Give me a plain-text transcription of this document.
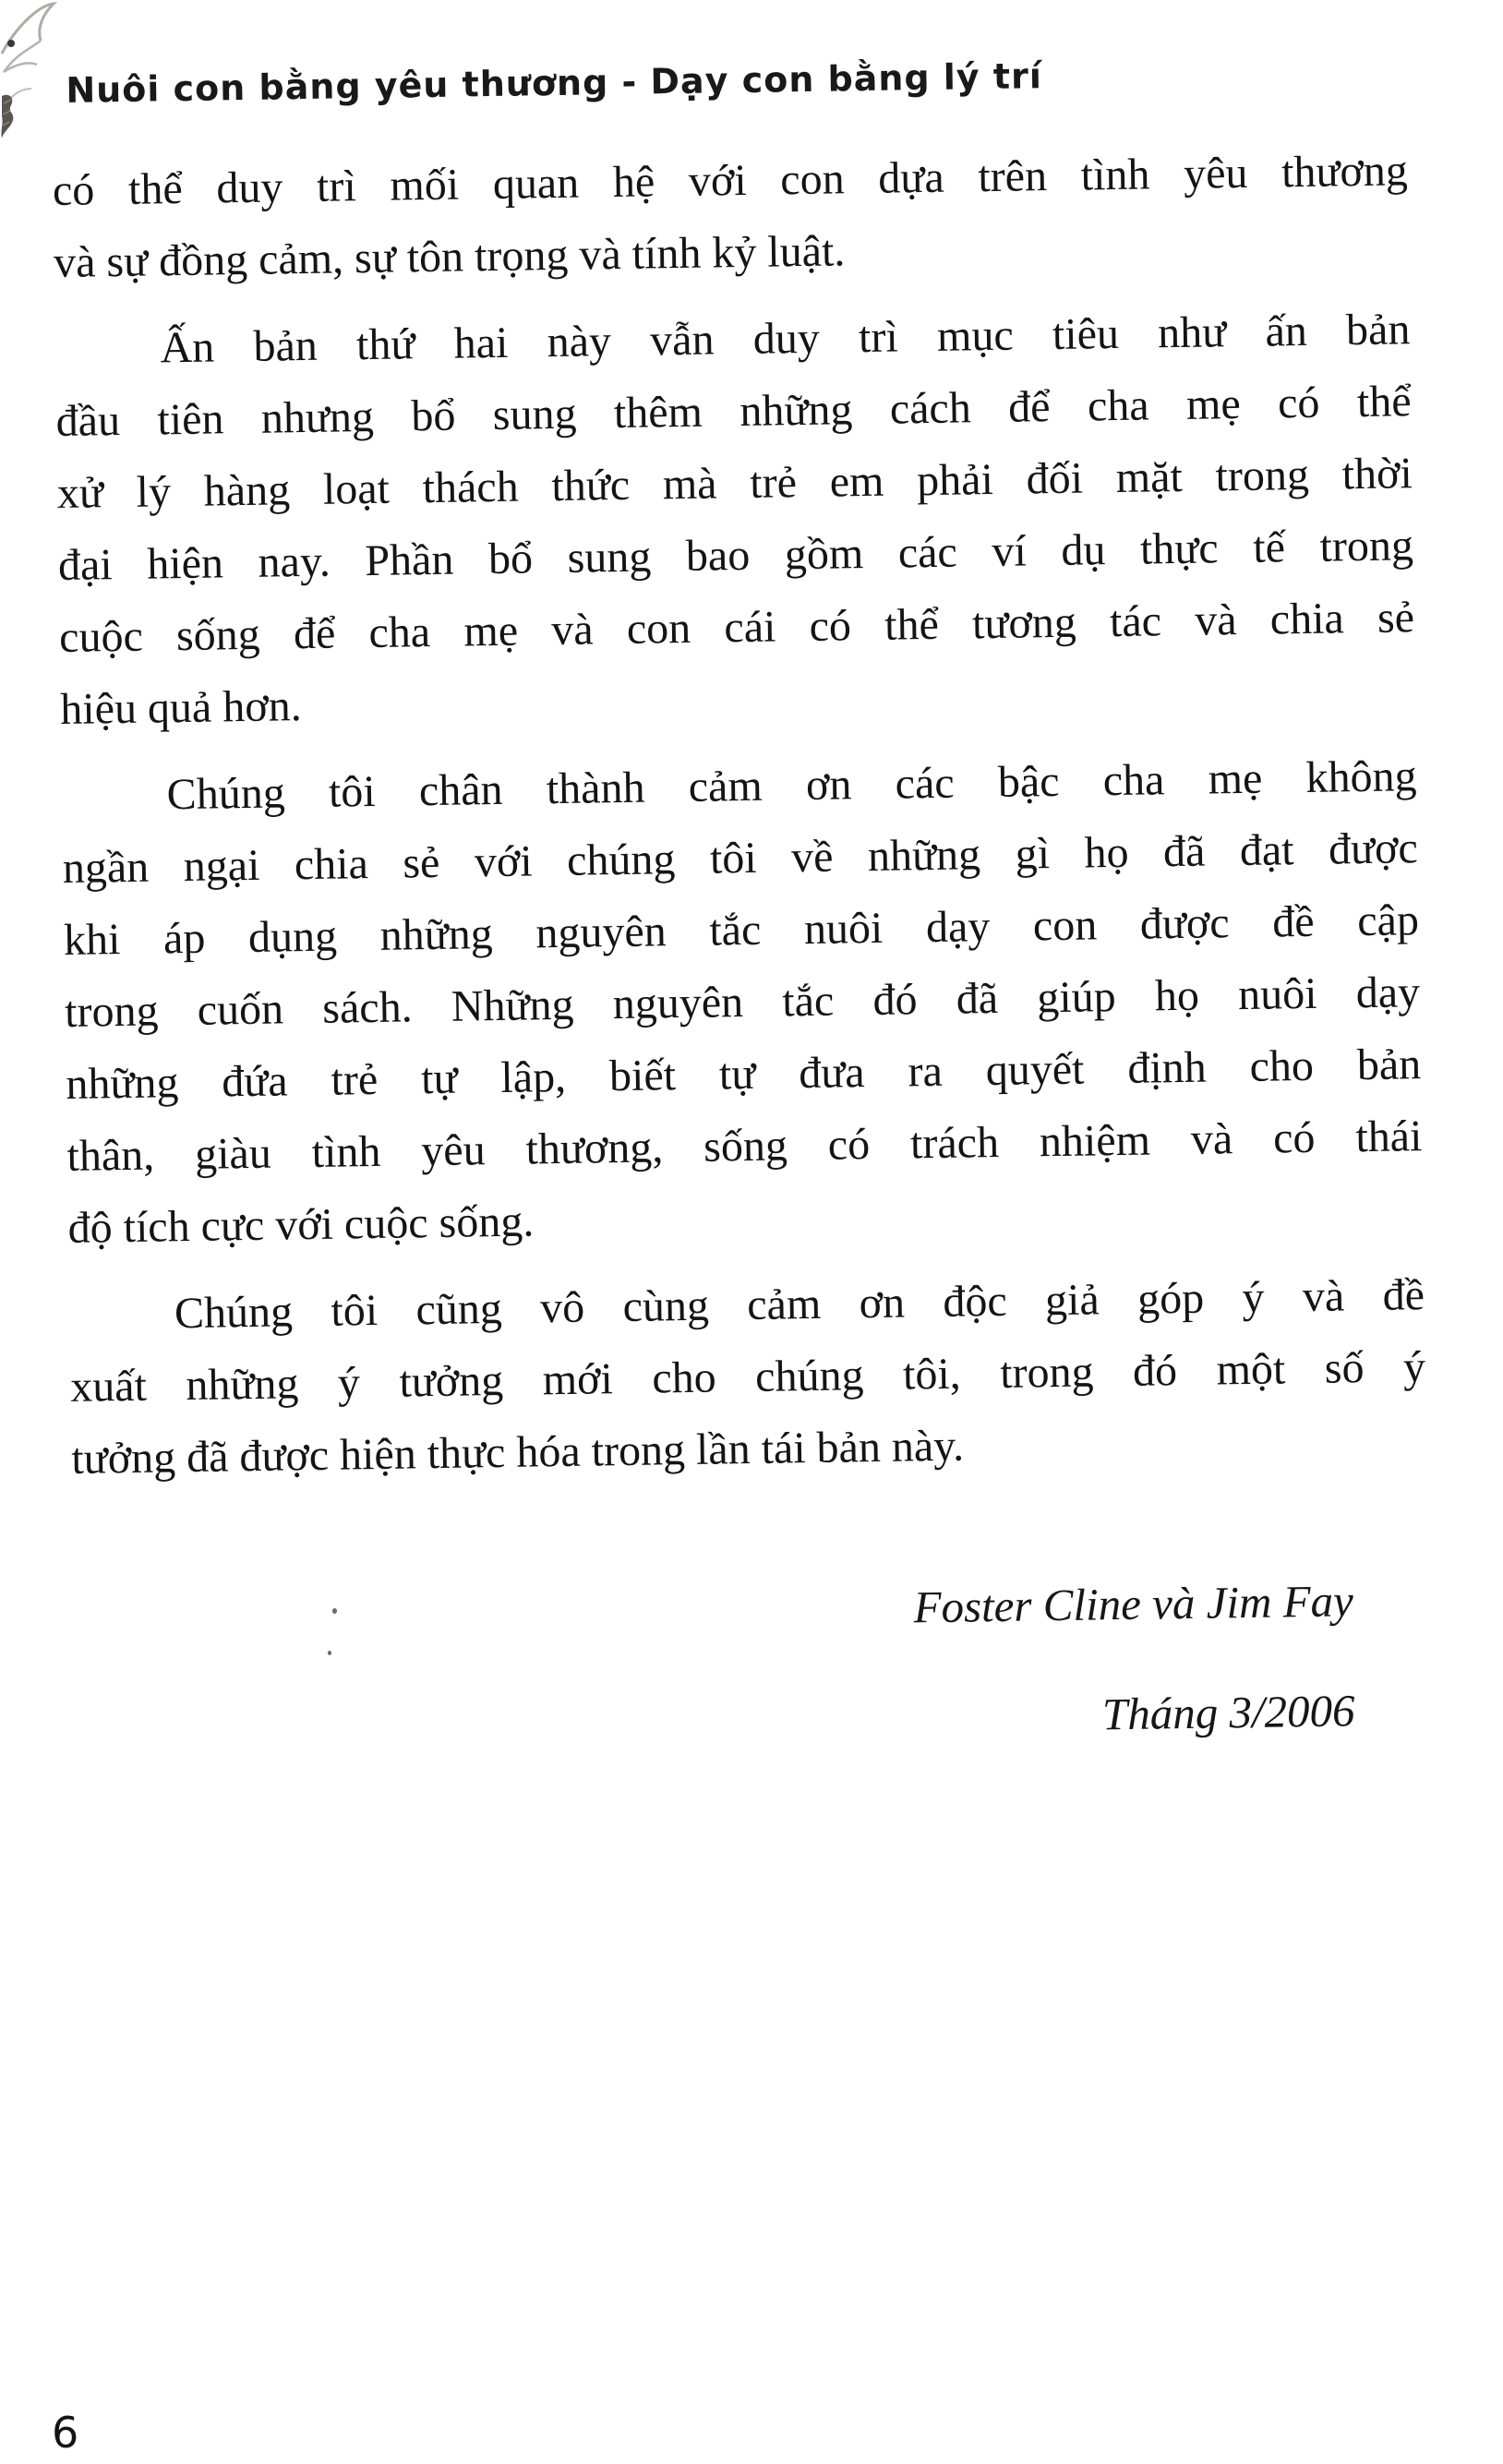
Nuôi con bằng yêu thương - Dạy con bằng lý trí
có thể duy trì mối quan hệ với con dựa trên tình yêu thương
và sự đồng cảm, sự tôn trọng và tính kỷ luật.
Ấn bản thứ hai này vẫn duy trì mục tiêu như ấn bản
đầu tiên nhưng bổ sung thêm những cách để cha mẹ có thể
xử lý hàng loạt thách thức mà trẻ em phải đối mặt trong thời
đại hiện nay. Phần bổ sung bao gồm các ví dụ thực tế trong
cuộc sống để cha mẹ và con cái có thể tương tác và chia sẻ
hiệu quả hơn.
Chúng tôi chân thành cảm ơn các bậc cha mẹ không
ngần ngại chia sẻ với chúng tôi về những gì họ đã đạt được
khi áp dụng những nguyên tắc nuôi dạy con được đề cập
trong cuốn sách. Những nguyên tắc đó đã giúp họ nuôi dạy
những đứa trẻ tự lập, biết tự đưa ra quyết định cho bản
thân, giàu tình yêu thương, sống có trách nhiệm và có thái
độ tích cực với cuộc sống.
Chúng tôi cũng vô cùng cảm ơn độc giả góp ý và đề
xuất những ý tưởng mới cho chúng tôi, trong đó một số ý
tưởng đã được hiện thực hóa trong lần tái bản này.
Foster Cline và Jim Fay
Tháng 3/2006
6
